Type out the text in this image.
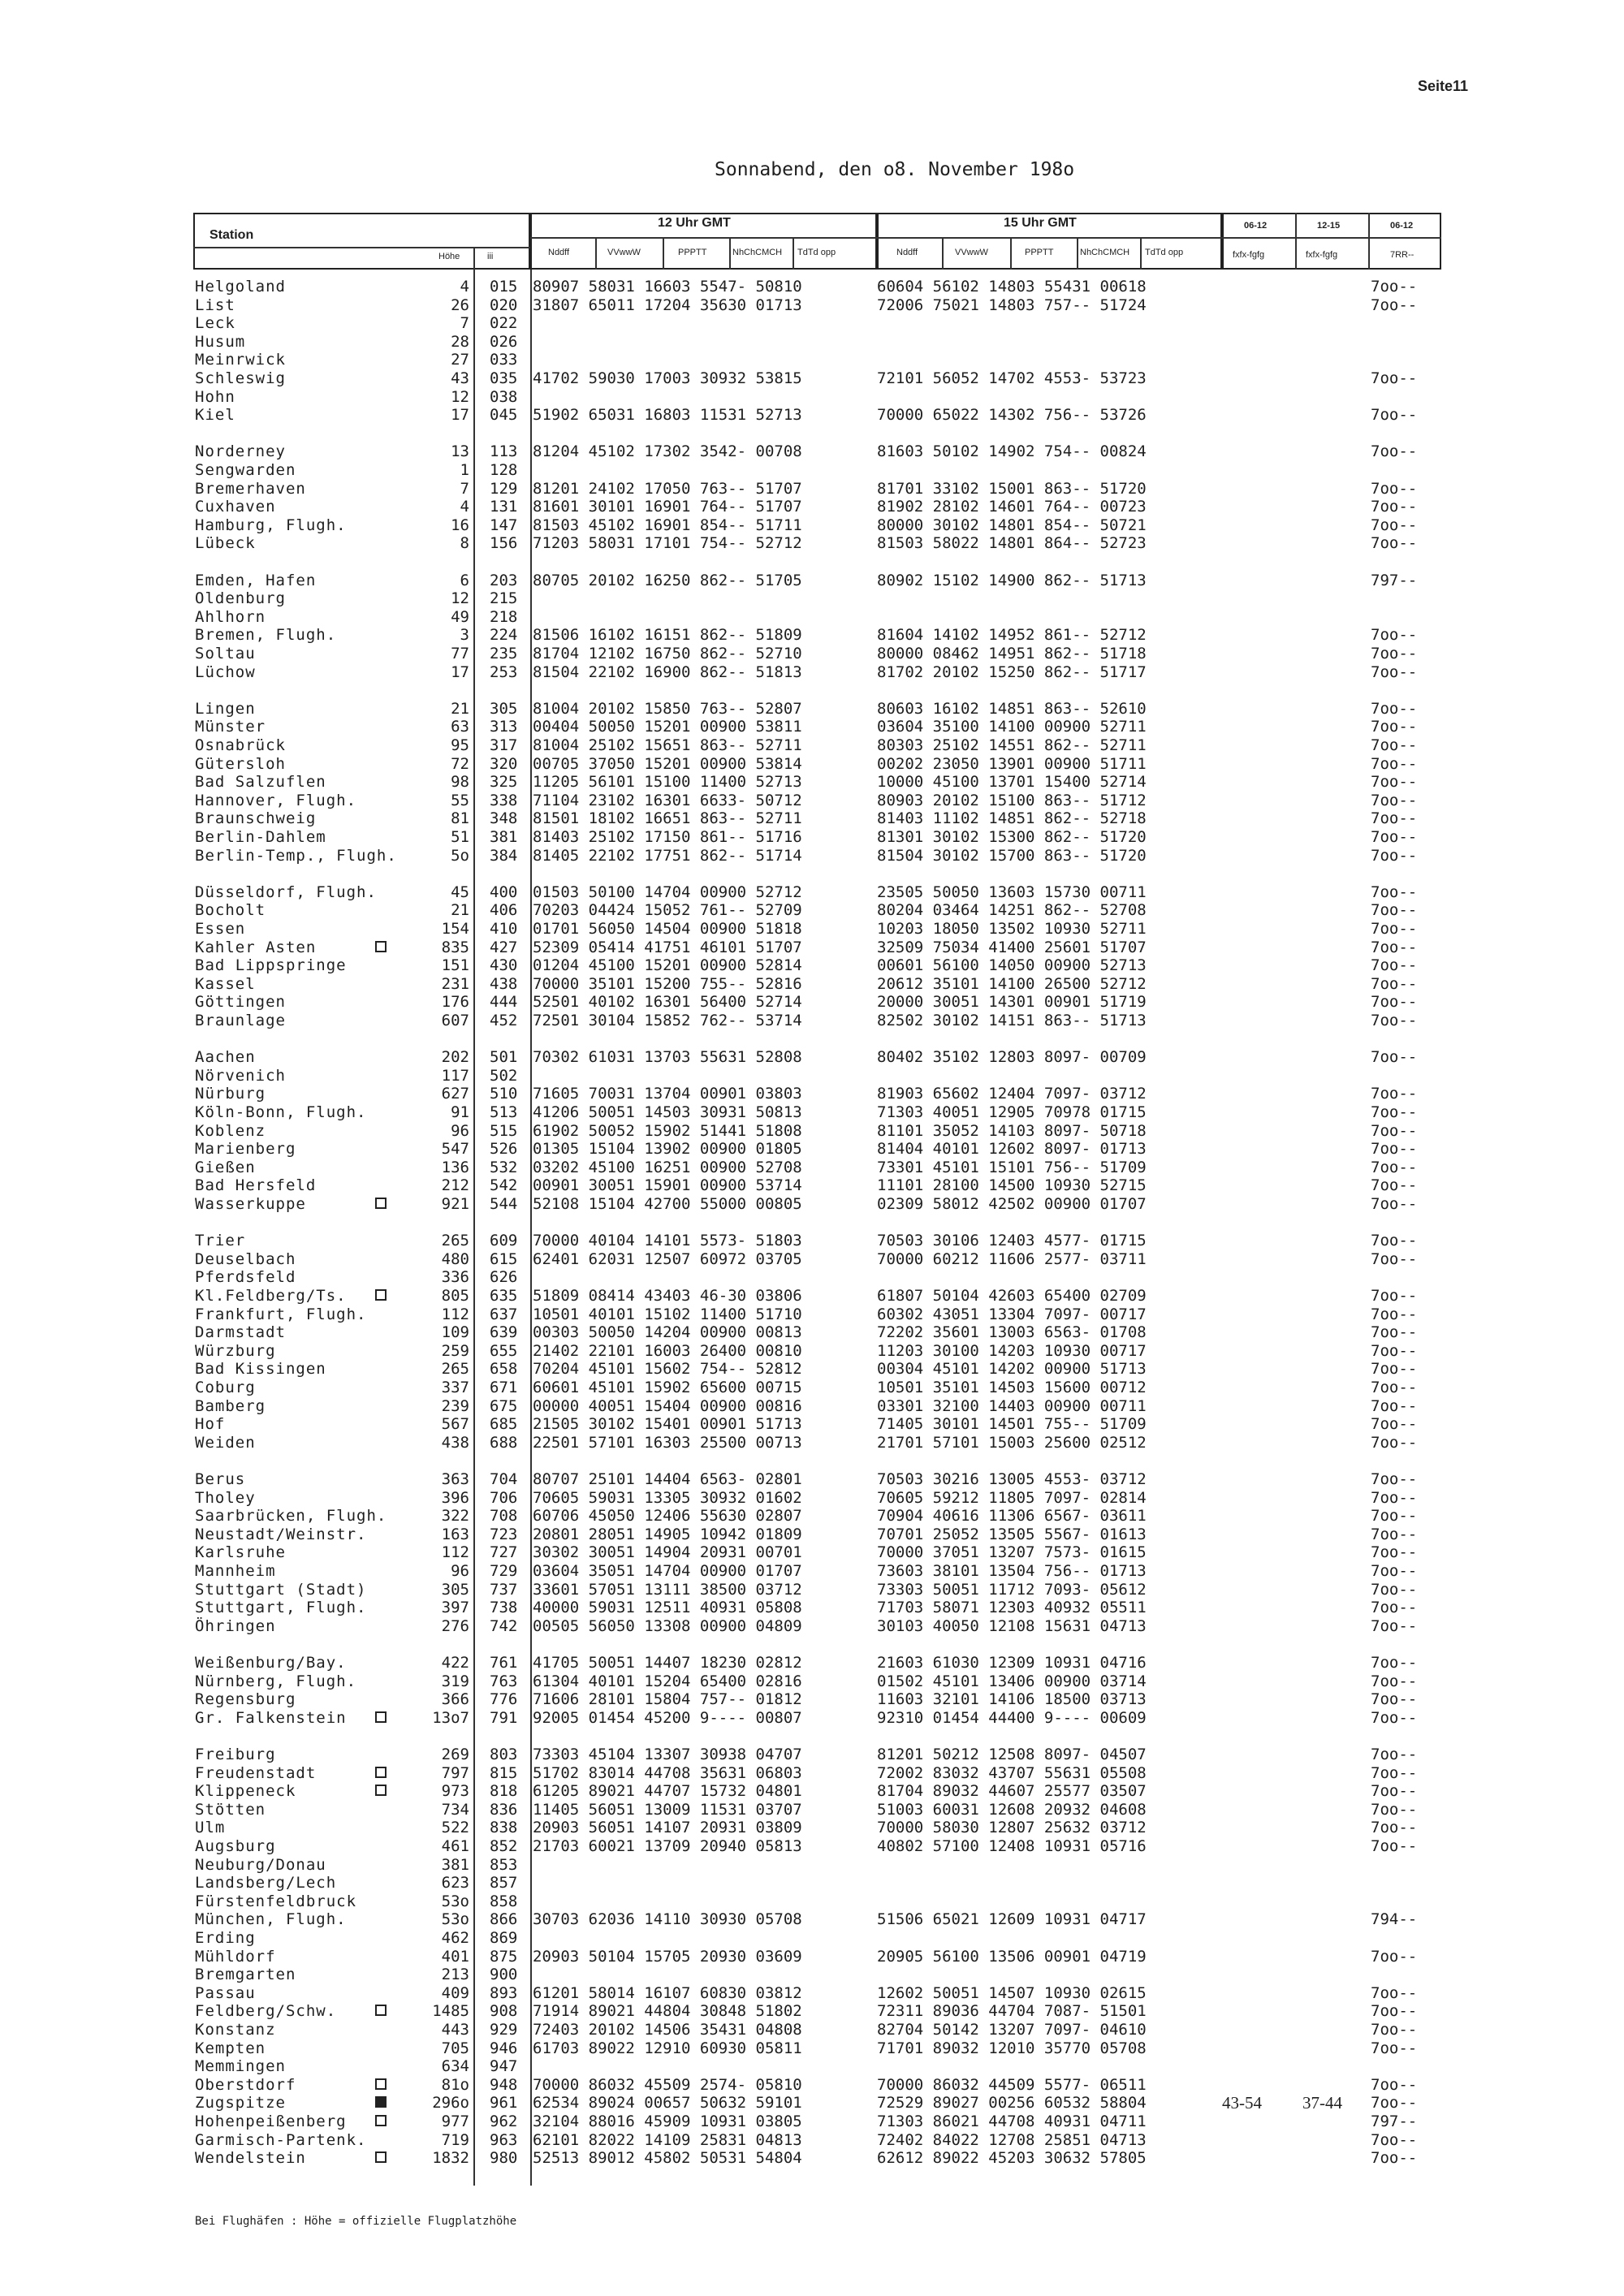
Seite11
Sonnabend, den o8. November 198o
Station
Höhe	iii
12 Uhr GMT
Nddff	VVwwW	PPPTT	NhChCMCH TdTd opp
15 Uhr GMT
Nddff	VVwwW	PPPTT	NhChCMCH TdTd opp
06-12	12-15	06-12
fxfx-fgfg	fxfx-fgfg	7RR--
Helgoland	4 015 80907 58031 16603 5547- 50810	60604 56102 14803 55431 00618	7oo--
List	26 020 31807 65011 17204 35630 01713	72006 75021 14803 757-- 51724	7oo--
Leck	7 022
Husum	28 026
Meinrwick	27 033
Schleswig	43 035 41702 59030 17003 30932 53815	72101 56052 14702 4553- 53723	7oo--
Hohn	12 038
Kiel	17 045 51902 65031 16803 11531 52713	70000 65022 14302 756-- 53726	7oo--
Norderney	13 113 81204 45102 17302 3542- 00708	81603 50102 14902 754-- 00824	7oo--
Sengwarden	1 128
Bremerhaven	7 129 81201 24102 17050 763-- 51707	81701 33102 15001 863-- 51720	7oo--
Cuxhaven	4 131 81601 30101 16901 764-- 51707	81902 28102 14601 764-- 00723	7oo--
Hamburg, Flugh.	16 147 81503 45102 16901 854-- 51711	80000 30102 14801 854-- 50721	7oo--
Lübeck	8 156 71203 58031 17101 754-- 52712	81503 58022 14801 864-- 52723	7oo--
Emden, Hafen	6 203 80705 20102 16250 862-- 51705	80902 15102 14900 862-- 51713	797--
Oldenburg	12 215
Ahlhorn	49 218
Bremen, Flugh.	3 224 81506 16102 16151 862-- 51809	81604 14102 14952 861-- 52712	7oo--
Soltau	77 235 81704 12102 16750 862-- 52710	80000 08462 14951 862-- 51718	7oo--
Lüchow	17 253 81504 22102 16900 862-- 51813	81702 20102 15250 862-- 51717	7oo--
Lingen	21 305 81004 20102 15850 763-- 52807	80603 16102 14851 863-- 52610	7oo--
Münster	63 313 00404 50050 15201 00900 53811	03604 35100 14100 00900 52711	7oo--
Osnabrück	95 317 81004 25102 15651 863-- 52711	80303 25102 14551 862-- 52711	7oo--
Gütersloh	72 320 00705 37050 15201 00900 53814	00202 23050 13901 00900 51711	7oo--
Bad Salzuflen	98 325 11205 56101 15100 11400 52713	10000 45100 13701 15400 52714	7oo--
Hannover, Flugh.	55 338 71104 23102 16301 6633- 50712	80903 20102 15100 863-- 51712	7oo--
Braunschweig	81 348 81501 18102 16651 863-- 52711	81403 11102 14851 862-- 52718	7oo--
Berlin-Dahlem	51 381 81403 25102 17150 861-- 51716	81301 30102 15300 862-- 51720	7oo--
Berlin-Temp., Flugh.	5o 384 81405 22102 17751 862-- 51714	81504 30102 15700 863-- 51720	7oo--
Düsseldorf, Flugh.	45 400 01503 50100 14704 00900 52712	23505 50050 13603 15730 00711	7oo--
Bocholt	21 406 70203 04424 15052 761-- 52709	80204 03464 14251 862-- 52708	7oo--
Essen	154 410 01701 56050 14504 00900 51818	10203 18050 13502 10930 52711	7oo--
Kahler Asten	835 427 52309 05414 41751 46101 51707	32509 75034 41400 25601 51707	7oo--
Bad Lippspringe	151 430 01204 45100 15201 00900 52814	00601 56100 14050 00900 52713	7oo--
Kassel	231 438 70000 35101 15200 755-- 52816	20612 35101 14100 26500 52712	7oo--
Göttingen	176 444 52501 40102 16301 56400 52714	20000 30051 14301 00901 51719	7oo--
Braunlage	607 452 72501 30104 15852 762-- 53714	82502 30102 14151 863-- 51713	7oo--
Aachen	202 501 70302 61031 13703 55631 52808	80402 35102 12803 8097- 00709	7oo--
Nörvenich	117 502
Nürburg	627 510 71605 70031 13704 00901 03803	81903 65602 12404 7097- 03712	7oo--
Köln-Bonn, Flugh.	91 513 41206 50051 14503 30931 50813	71303 40051 12905 70978 01715	7oo--
Koblenz	96 515 61902 50052 15902 51441 51808	81101 35052 14103 8097- 50718	7oo--
Marienberg	547 526 01305 15104 13902 00900 01805	81404 40101 12602 8097- 01713	7oo--
Gießen	136 532 03202 45100 16251 00900 52708	73301 45101 15101 756-- 51709	7oo--
Bad Hersfeld	212 542 00901 30051 15901 00900 53714	11101 28100 14500 10930 52715	7oo--
Wasserkuppe	921 544 52108 15104 42700 55000 00805	02309 58012 42502 00900 01707	7oo--
Trier	265 609 70000 40104 14101 5573- 51803	70503 30106 12403 4577- 01715	7oo--
Deuselbach	480 615 62401 62031 12507 60972 03705	70000 60212 11606 2577- 03711	7oo--
Pferdsfeld	336 626
Kl.Feldberg/Ts.	805 635 51809 08414 43403 46-30 03806	61807 50104 42603 65400 02709	7oo--
Frankfurt, Flugh.	112 637 10501 40101 15102 11400 51710	60302 43051 13304 7097- 00717	7oo--
Darmstadt	109 639 00303 50050 14204 00900 00813	72202 35601 13003 6563- 01708	7oo--
Würzburg	259 655 21402 22101 16003 26400 00810	11203 30100 14203 10930 00717	7oo--
Bad Kissingen	265 658 70204 45101 15602 754-- 52812	00304 45101 14202 00900 51713	7oo--
Coburg	337 671 60601 45101 15902 65600 00715	10501 35101 14503 15600 00712	7oo--
Bamberg	239 675 00000 40051 15404 00900 00816	03301 32100 14403 00900 00711	7oo--
Hof	567 685 21505 30102 15401 00901 51713	71405 30101 14501 755-- 51709	7oo--
Weiden	438 688 22501 57101 16303 25500 00713	21701 57101 15003 25600 02512	7oo--
Berus	363 704 80707 25101 14404 6563- 02801	70503 30216 13005 4553- 03712	7oo--
Tholey	396 706 70605 59031 13305 30932 01602	70605 59212 11805 7097- 02814	7oo--
Saarbrücken, Flugh.	322 708 60706 45050 12406 55630 02807	70904 40616 11306 6567- 03611	7oo--
Neustadt/Weinstr.	163 723 20801 28051 14905 10942 01809	70701 25052 13505 5567- 01613	7oo--
Karlsruhe	112 727 30302 30051 14904 20931 00701	70000 37051 13207 7573- 01615	7oo--
Mannheim	96 729 03604 35051 14704 00900 01707	73603 38101 13504 756-- 01713	7oo--
Stuttgart (Stadt)	305 737 33601 57051 13111 38500 03712	73303 50051 11712 7093- 05612	7oo--
Stuttgart, Flugh.	397 738 40000 59031 12511 40931 05808	71703 58071 12303 40932 05511	7oo--
Öhringen	276 742 00505 56050 13308 00900 04809	30103 40050 12108 15631 04713	7oo--
Weißenburg/Bay.	422 761 41705 50051 14407 18230 02812	21603 61030 12309 10931 04716	7oo--
Nürnberg, Flugh.	319 763 61304 40101 15204 65400 02816	01502 45101 13406 00900 03714	7oo--
Regensburg	366 776 71606 28101 15804 757-- 01812	11603 32101 14106 18500 03713	7oo--
Gr. Falkenstein	13o7 791 92005 01454 45200 9---- 00807	92310 01454 44400 9---- 00609	7oo--
Freiburg	269 803 73303 45104 13307 30938 04707	81201 50212 12508 8097- 04507	7oo--
Freudenstadt	797 815 51702 83014 44708 35631 06803	72002 83032 43707 55631 05508	7oo--
Klippeneck	973 818 61205 89021 44707 15732 04801	81704 89032 44607 25577 03507	7oo--
Stötten	734 836 11405 56051 13009 11531 03707	51003 60031 12608 20932 04608	7oo--
Ulm	522 838 20903 56051 14107 20931 03809	70000 58030 12807 25632 03712	7oo--
Augsburg	461 852 21703 60021 13709 20940 05813	40802 57100 12408 10931 05716	7oo--
Neuburg/Donau	381 853
Landsberg/Lech	623 857
Fürstenfeldbruck	53o 858
München, Flugh.	53o 866 30703 62036 14110 30930 05708	51506 65021 12609 10931 04717	794--
Erding	462 869
Mühldorf	401 875 20903 50104 15705 20930 03609	20905 56100 13506 00901 04719	7oo--
Bremgarten	213 900
Passau	409 893 61201 58014 16107 60830 03812	12602 50051 14507 10930 02615	7oo--
Feldberg/Schw.	1485 908 71914 89021 44804 30848 51802	72311 89036 44704 7087- 51501	7oo--
Konstanz	443 929 72403 20102 14506 35431 04808	82704 50142 13207 7097- 04610	7oo--
Kempten	705 946 61703 89022 12910 60930 05811	71701 89032 12010 35770 05708	7oo--
Memmingen	634 947
Oberstdorf	81o 948 70000 86032 45509 2574- 05810	70000 86032 44509 5577- 06511	7oo--
Zugspitze	296o 961 62534 89024 00657 50632 59101	72529 89027 00256 60532 58804	43-54 37-44 7oo--
Hohenpeißenberg	977 962 32104 88016 45909 10931 03805	71303 86021 44708 40931 04711	797--
Garmisch-Partenk.	719 963 62101 82022 14109 25831 04813	72402 84022 12708 25851 04713	7oo--
Wendelstein	1832 980 52513 89012 45802 50531 54804	62612 89022 45203 30632 57805	7oo--
Bei Flughäfen : Höhe = offizielle Flugplatzhöhe
